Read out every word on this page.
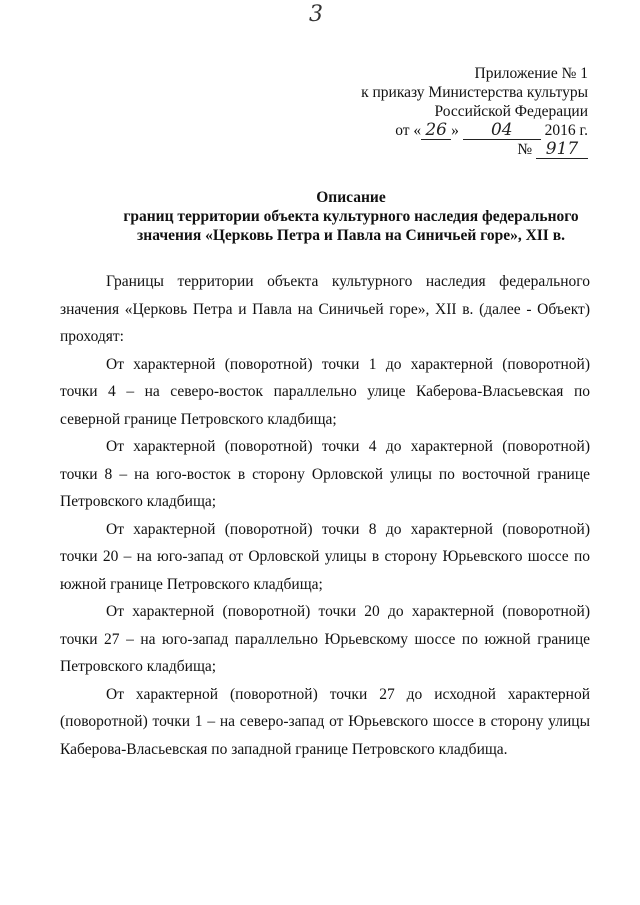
3
Приложение № 1
к приказу Министерства культуры
Российской Федерации
от « 26 » 04 2016 г.
№ 917
Описание
границ территории объекта культурного наследия федерального
значения «Церковь Петра и Павла на Синичьей горе», XII в.

Границы территории объекта культурного наследия федерального значения «Церковь Петра и Павла на Синичьей горе», XII в. (далее - Объект) проходят:

От характерной (поворотной) точки 1 до характерной (поворотной) точки 4 – на северо-восток параллельно улице Каберова-Власьевская по северной границе Петровского кладбища;

От характерной (поворотной) точки 4 до характерной (поворотной) точки 8 – на юго-восток в сторону Орловской улицы по восточной границе Петровского кладбища;

От характерной (поворотной) точки 8 до характерной (поворотной) точки 20 – на юго-запад от Орловской улицы в сторону Юрьевского шоссе по южной границе Петровского кладбища;

От характерной (поворотной) точки 20 до характерной (поворотной) точки 27 – на юго-запад параллельно Юрьевскому шоссе по южной границе Петровского кладбища;

От характерной (поворотной) точки 27 до исходной характерной (поворотной) точки 1 – на северо-запад от Юрьевского шоссе в сторону улицы Каберова-Власьевская по западной границе Петровского кладбища.
